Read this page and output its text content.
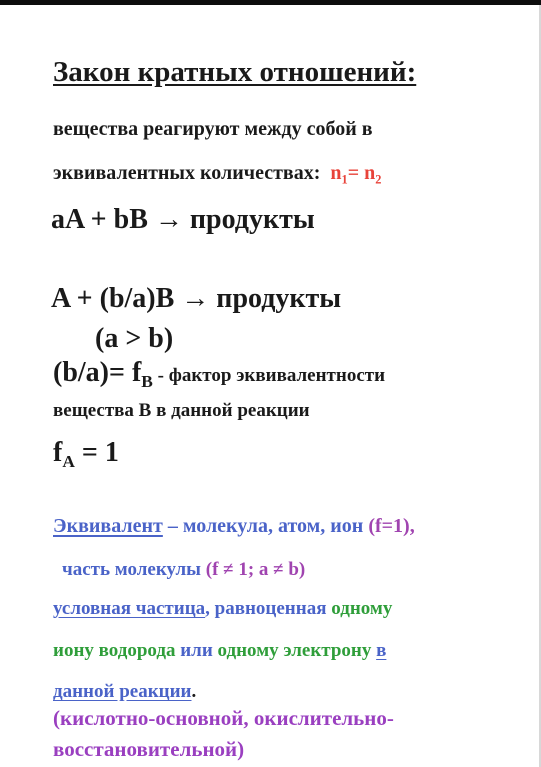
Закон кратных отношений:
вещества реагируют между собой в
эквивалентных количествах: $n_1= n_2$
aA + bB → продукты
A + (b/a)B → продукты
(a > b)
$(b/a)= f_B$ - фактор эквивалентности
вещества В в данной реакции
$f_A = 1$
Эквивалент – молекула, атом, ион (f=1),
часть молекулы (f ≠ 1; a ≠ b)
условная частица, равноценная одному
иону водорода или одному электрону в
данной реакции.
(кислотно-основной, окислительно-
восстановительной)
